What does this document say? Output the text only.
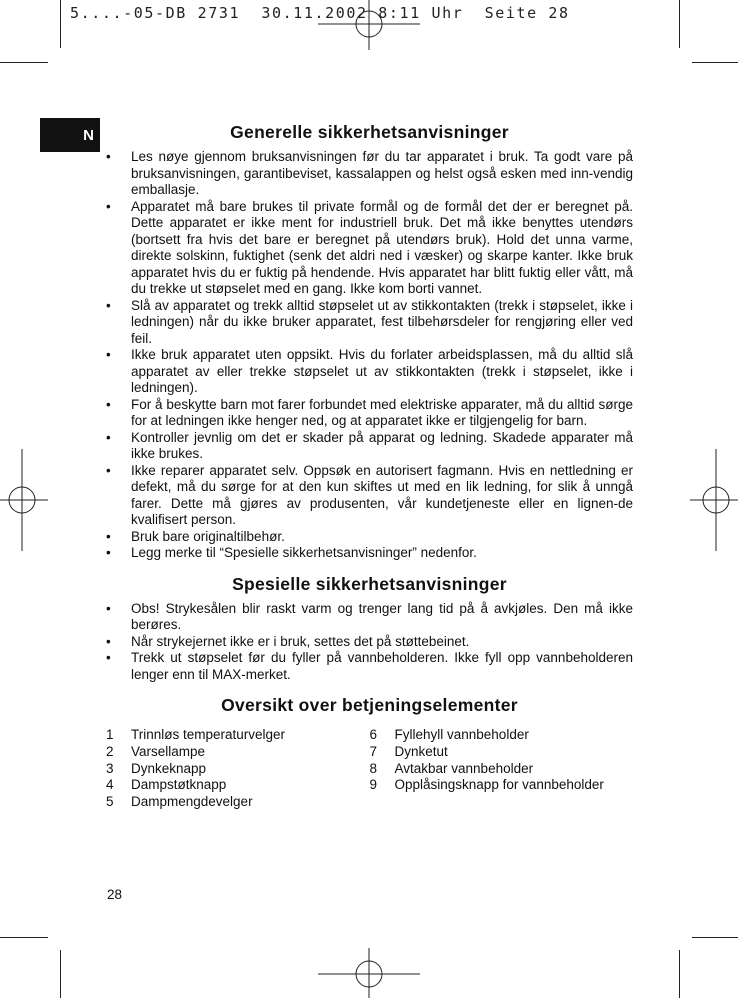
5....-05-DB 2731  30.11.2002 8:11 Uhr  Seite 28
N	Generelle sikkerhetsanvisninger
•	Les nøye gjennom bruksanvisningen før du tar apparatet i bruk. Ta godt vare på bruksanvisningen, garantibeviset, kassalappen og helst også esken med inn-vendig emballasje.
•	Apparatet må bare brukes til private formål og de formål det der er beregnet på. Dette apparatet er ikke ment for industriell bruk. Det må ikke benyttes utendørs (bortsett fra hvis det bare er beregnet på utendørs bruk). Hold det unna varme, direkte solskinn, fuktighet (senk det aldri ned i væsker) og skarpe kanter. Ikke bruk apparatet hvis du er fuktig på hendende. Hvis apparatet har blitt fuktig eller vått, må du trekke ut støpselet med en gang. Ikke kom borti vannet.
•	Slå av apparatet og trekk alltid støpselet ut av stikkontakten (trekk i støpselet, ikke i ledningen) når du ikke bruker apparatet, fest tilbehørsdeler for rengjøring eller ved feil.
•	Ikke bruk apparatet uten oppsikt. Hvis du forlater arbeidsplassen, må du alltid slå apparatet av eller trekke støpselet ut av stikkontakten (trekk i støpselet, ikke i ledningen).
•	For å beskytte barn mot farer forbundet med elektriske apparater, må du alltid sørge for at ledningen ikke henger ned, og at apparatet ikke er tilgjengelig for barn.
•	Kontroller jevnlig om det er skader på apparat og ledning. Skadede apparater må ikke brukes.
•	Ikke reparer apparatet selv. Oppsøk en autorisert fagmann. Hvis en nettledning er defekt, må du sørge for at den kun skiftes ut med en lik ledning, for slik å unngå farer. Dette må gjøres av produsenten, vår kundetjeneste eller en lignen-de kvalifisert person.
•	Bruk bare originaltilbehør.
•	Legg merke til “Spesielle sikkerhetsanvisninger” nedenfor.
Spesielle sikkerhetsanvisninger
•	Obs! Strykesålen blir raskt varm og trenger lang tid på å avkjøles. Den må ikke berøres.
•	Når strykejernet ikke er i bruk, settes det på støttebeinet.
•	Trekk ut støpselet før du fyller på vannbeholderen. Ikke fyll opp vannbeholderen lenger enn til MAX-merket.
Oversikt over betjeningselementer
1	Trinnløs temperaturvelger
2	Varsellampe
3	Dynkeknapp
4	Dampstøtknapp
5	Dampmengdevelger
6	Fyllehyll vannbeholder
7	Dynketut
8	Avtakbar vannbeholder
9	Opplåsingsknapp for vannbeholder
28
